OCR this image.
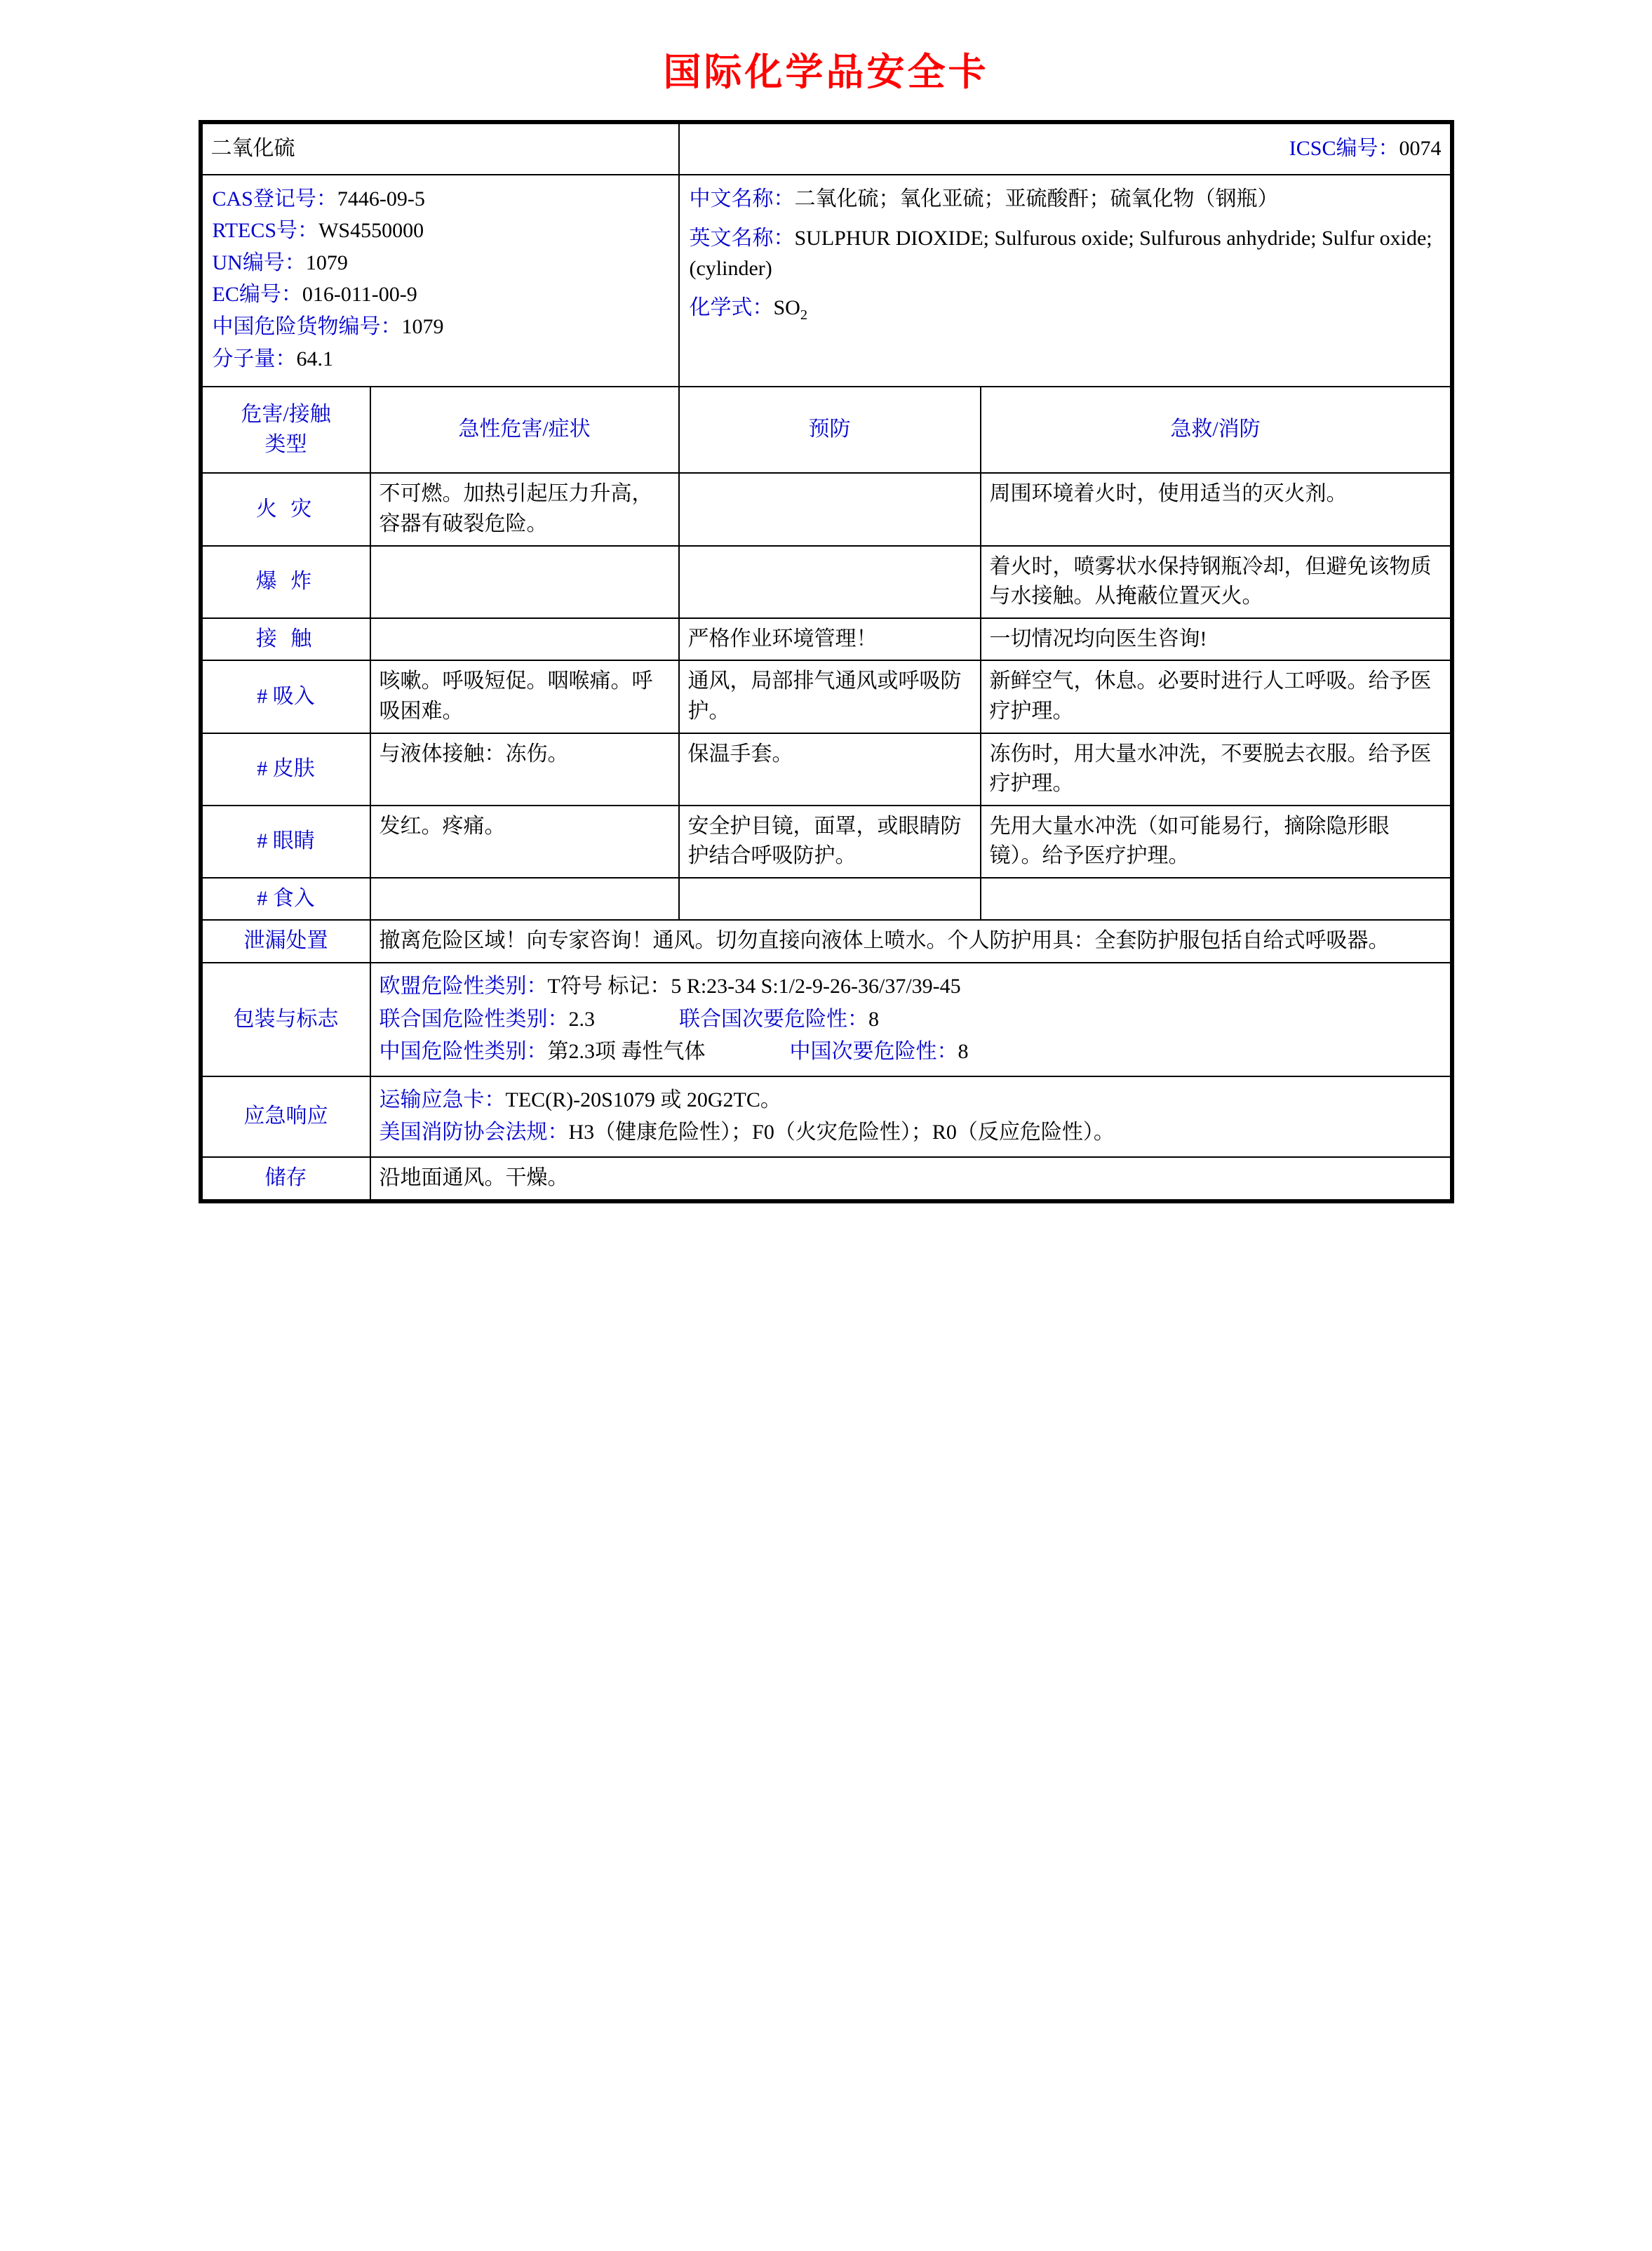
国际化学品安全卡
二氧化硫		ICSC编号：0074	

CAS登记号：7446-09-5
RTECS号：WS4550000
UN编号：1079
EC编号：016-011-00-9
中国危险货物编号：1079
分子量：64.1

中文名称：二氧化硫；氧化亚硫；亚硫酸酐；硫氧化物（钢瓶）

英文名称：SULPHUR DIOXIDE; Sulfurous oxide; Sulfurous anhydride; Sulfur oxide; (cylinder)

化学式：$SO_2$

危害/接触
类型	急性危害/症状	预防	急救/消防
火 灾	不可燃。加热引起压力升高，容器有破裂危险。		周围环境着火时，使用适当的灭火剂。
爆 炸			着火时，喷雾状水保持钢瓶冷却，但避免该物质与水接触。从掩蔽位置灭火。
接 触		严格作业环境管理！	一切情况均向医生咨询!
# 吸入	咳嗽。呼吸短促。咽喉痛。呼吸困难。	通风，局部排气通风或呼吸防护。	新鲜空气，休息。必要时进行人工呼吸。给予医疗护理。
# 皮肤	与液体接触：冻伤。	保温手套。	冻伤时，用大量水冲洗，不要脱去衣服。给予医疗护理。
# 眼睛	发红。疼痛。	安全护目镜，面罩，或眼睛防护结合呼吸防护。	先用大量水冲洗（如可能易行，摘除隐形眼镜）。给予医疗护理。
# 食入			
泄漏处置	撤离危险区域！向专家咨询！通风。切勿直接向液体上喷水。个人防护用具：全套防护服包括自给式呼吸器。		
包装与标志	欧盟危险性类别：T符号 标记：5 R:23-34 S:1/2-9-26-36/37/39-45
联合国危险性类别：2.3 联合国次要危险性：8
中国危险性类别：第2.3项 毒性气体 中国次要危险性：8		

应急响应	运输应急卡：TEC(R)-20S1079 或 20G2TC。
美国消防协会法规：H3（健康危险性）；F0（火灾危险性）；R0（反应危险性）。		

储存	沿地面通风。干燥。		
